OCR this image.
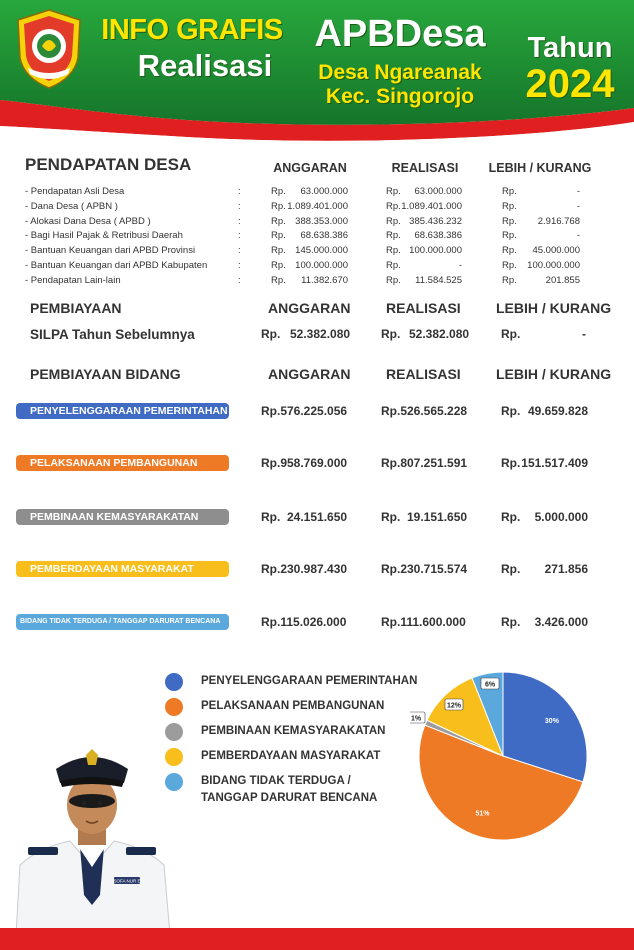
INFO GRAFIS
Realisasi
APBDesa
Desa Ngareanak
Kec. Singorojo
Tahun
2024
PENDAPATAN DESA	ANGGARAN	REALISASI	LEBIH / KURANG
- Pendapatan Asli Desa	:	Rp.	63.000.000	Rp.	63.000.000	Rp.	-
- Dana Desa ( APBN )	:	Rp. 1.089.401.000	Rp. 1.089.401.000	Rp.	-
- Alokasi Dana Desa ( APBD )	:	Rp. 388.353.000	Rp. 385.436.232	Rp.	2.916.768
- Bagi Hasil Pajak & Retribusi Daerah	:	Rp.	68.638.386	Rp.	68.638.386	Rp.	-
- Bantuan Keuangan dari APBD Provinsi	:	Rp. 145.000.000	Rp. 100.000.000	Rp.	45.000.000
- Bantuan Keuangan dari APBD Kabupaten	:	Rp. 100.000.000	Rp.	-	Rp.	100.000.000
- Pendapatan Lain-lain	:	Rp.	11.382.670	Rp.	11.584.525	Rp.	201.855
PEMBIAYAAN	ANGGARAN	REALISASI	LEBIH / KURANG
SILPA Tahun Sebelumnya	Rp. 52.382.080	Rp. 52.382.080	Rp.	-
PEMBIAYAAN BIDANG	ANGGARAN	REALISASI	LEBIH / KURANG
PENYELENGGARAAN PEMERINTAHAN	Rp.576.225.056	Rp.526.565.228	Rp. 49.659.828
PELAKSANAAN PEMBANGUNAN	Rp.958.769.000	Rp.807.251.591	Rp. 151.517.409
PEMBINAAN KEMASYARAKATAN	Rp.  24.151.650	Rp.  19.151.650	Rp.	5.000.000
PEMBERDAYAAN MASYARAKAT	Rp.230.987.430	Rp.230.715.574	Rp.	271.856
BIDANG TIDAK TERDUGA / TANGGAP DARURAT BENCANA	Rp.115.026.000	Rp.111.600.000	Rp.	3.426.000
PENYELENGGARAAN PEMERINTAHAN
PELAKSANAAN PEMBANGUNAN
PEMBINAAN KEMASYARAKATAN
PEMBERDAYAAN MASYARAKAT
BIDANG TIDAK TERDUGA /
TANGGAP DARURAT BENCANA
30%
51%
1%
12%
6%
SOFA NUR E
